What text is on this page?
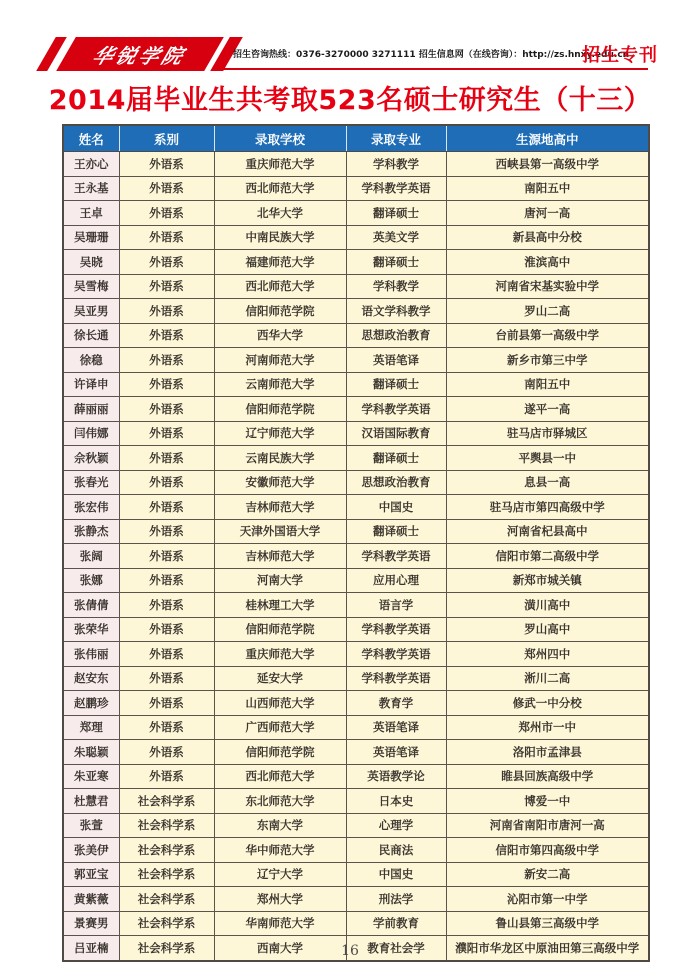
华锐学院	招生咨询热线：0376-3270000 3271111 招生信息网（在线咨询）：http://zs.hnxy.edu.cn
招生专刊
2014届毕业生共考取523名硕士研究生（十三）
姓名	系别	录取学校	录取专业	生源地高中
王亦心	外语系	重庆师范大学	学科教学	西峡县第一高级中学
王永基	外语系	西北师范大学	学科教学英语	南阳五中
王卓	外语系	北华大学	翻译硕士	唐河一高
吴珊珊	外语系	中南民族大学	英美文学	新县高中分校
吴晓	外语系	福建师范大学	翻译硕士	淮滨高中
吴雪梅	外语系	西北师范大学	学科教学	河南省宋基实验中学
吴亚男	外语系	信阳师范学院	语文学科教学	罗山二高
徐长通	外语系	西华大学	思想政治教育	台前县第一高级中学
徐稳	外语系	河南师范大学	英语笔译	新乡市第三中学
许译申	外语系	云南师范大学	翻译硕士	南阳五中
薛丽丽	外语系	信阳师范学院	学科教学英语	遂平一高
闫伟娜	外语系	辽宁师范大学	汉语国际教育	驻马店市驿城区
佘秋颖	外语系	云南民族大学	翻译硕士	平舆县一中
张春光	外语系	安徽师范大学	思想政治教育	息县一高
张宏伟	外语系	吉林师范大学	中国史	驻马店市第四高级中学
张静杰	外语系	天津外国语大学	翻译硕士	河南省杞县高中
张阔	外语系	吉林师范大学	学科教学英语	信阳市第二高级中学
张娜	外语系	河南大学	应用心理	新郑市城关镇
张倩倩	外语系	桂林理工大学	语言学	潢川高中
张荣华	外语系	信阳师范学院	学科教学英语	罗山高中
张伟丽	外语系	重庆师范大学	学科教学英语	郑州四中
赵安东	外语系	延安大学	学科教学英语	淅川二高
赵鹏珍	外语系	山西师范大学	教育学	修武一中分校
郑理	外语系	广西师范大学	英语笔译	郑州市一中
朱聪颖	外语系	信阳师范学院	英语笔译	洛阳市孟津县
朱亚寒	外语系	西北师范大学	英语教学论	睢县回族高级中学
杜慧君	社会科学系	东北师范大学	日本史	博爱一中
张萱	社会科学系	东南大学	心理学	河南省南阳市唐河一高
张美伊	社会科学系	华中师范大学	民商法	信阳市第四高级中学
郭亚宝	社会科学系	辽宁大学	中国史	新安二高
黄紫薇	社会科学系	郑州大学	刑法学	沁阳市第一中学
景赛男	社会科学系	华南师范大学	学前教育	鲁山县第三高级中学
吕亚楠	社会科学系	西南大学	教育社会学	濮阳市华龙区中原油田第三高级中学
16
